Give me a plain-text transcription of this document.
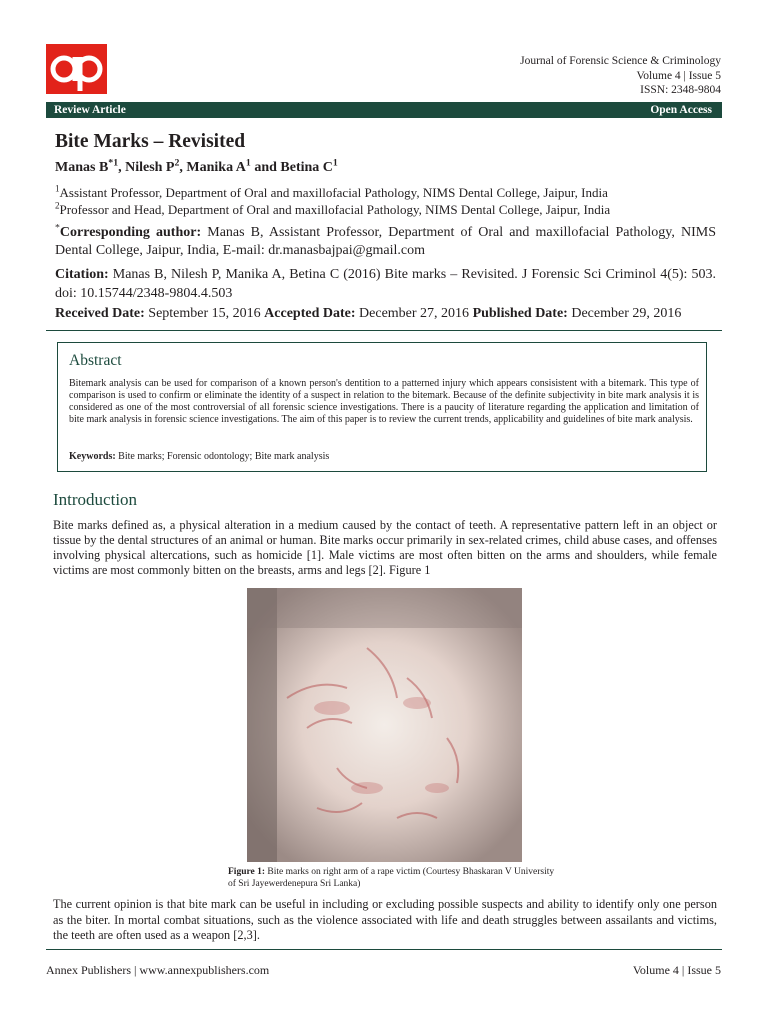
Journal of Forensic Science & Criminology
Volume 4 | Issue 5
ISSN: 2348-9804
Review Article	Open Access
Bite Marks – Revisited
Manas $B^{*1}$, Nilesh $P^2$, Manika $A^1$ and Betina $C^1$
$^1$Assistant Professor, Department of Oral and maxillofacial Pathology, NIMS Dental College, Jaipur, India
$^2$Professor and Head, Department of Oral and maxillofacial Pathology, NIMS Dental College, Jaipur, India
*Corresponding author: Manas B, Assistant Professor, Department of Oral and maxillofacial Pathology, NIMS Dental College, Jaipur, India, E-mail: dr.manasbajpai@gmail.com
Citation: Manas B, Nilesh P, Manika A, Betina C (2016) Bite marks – Revisited. J Forensic Sci Criminol 4(5): 503. doi: 10.15744/2348-9804.4.503
Received Date: September 15, 2016 Accepted Date: December 27, 2016 Published Date: December 29, 2016
Abstract
Bitemark analysis can be used for comparison of a known person's dentition to a patterned injury which appears consisistent with a bitemark. This type of comparison is used to confirm or eliminate the identity of a suspect in relation to the bitemark. Because of the definite subjectivity in bite mark analysis it is considered as one of the most controversial of all forensic science investigations. There is a paucity of literature regarding the application and limitation of bite mark analysis in forensic science investigations. The aim of this paper is to review the current trends, applicability and guidelines of bite mark analysis.
Keywords: Bite marks; Forensic odontology; Bite mark analysis
Introduction
Bite marks defined as, a physical alteration in a medium caused by the contact of teeth. A representative pattern left in an object or tissue by the dental structures of an animal or human. Bite marks occur primarily in sex-related crimes, child abuse cases, and offenses involving physical altercations, such as homicide [1]. Male victims are most often bitten on the arms and shoulders, while female victims are most commonly bitten on the breasts, arms and legs [2]. Figure 1
Figure 1: Bite marks on right arm of a rape victim (Courtesy Bhaskaran V University of Sri Jayewerdenepura Sri Lanka)
The current opinion is that bite mark can be useful in including or excluding possible suspects and ability to identify only one person as the biter. In mortal combat situations, such as the violence associated with life and death struggles between assailants and victims, the teeth are often used as a weapon [2,3].
Annex Publishers | www.annexpublishers.com	Volume 4 | Issue 5
